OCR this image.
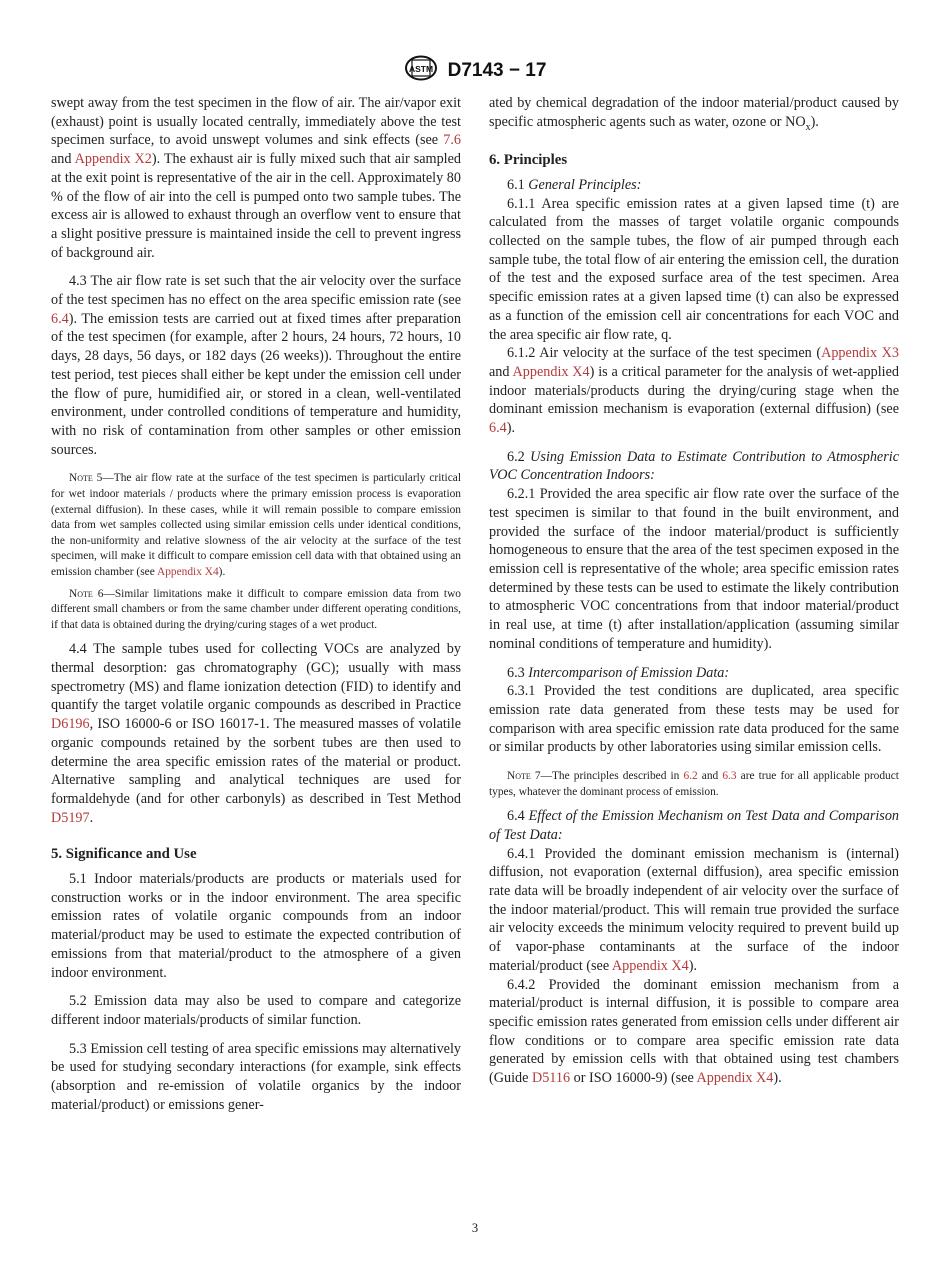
ASTM D7143 − 17

swept away from the test specimen in the flow of air. The air/vapor exit (exhaust) point is usually located centrally, immediately above the test specimen surface, to avoid unswept volumes and sink effects (see 7.6 and Appendix X2). The exhaust air is fully mixed such that air sampled at the exit point is representative of the air in the cell. Approximately 80 % of the flow of air into the cell is pumped onto two sample tubes. The excess air is allowed to exhaust through an overflow vent to ensure that a slight positive pressure is maintained inside the cell to prevent ingress of background air.

4.3 The air flow rate is set such that the air velocity over the surface of the test specimen has no effect on the area specific emission rate (see 6.4). The emission tests are carried out at fixed times after preparation of the test specimen (for example, after 2 hours, 24 hours, 72 hours, 10 days, 28 days, 56 days, or 182 days (26 weeks)). Throughout the entire test period, test pieces shall either be kept under the emission cell under the flow of pure, humidified air, or stored in a clean, well-ventilated environment, under controlled conditions of temperature and humidity, with no risk of contamination from other samples or other emission sources.

Note 5—The air flow rate at the surface of the test specimen is particularly critical for wet indoor materials / products where the primary emission process is evaporation (external diffusion). In these cases, while it will remain possible to compare emission data from wet samples collected using similar emission cells under identical conditions, the non-uniformity and relative slowness of the air velocity at the surface of the test specimen, will make it difficult to compare emission cell data with that obtained using an emission chamber (see Appendix X4).

Note 6—Similar limitations make it difficult to compare emission data from two different small chambers or from the same chamber under different operating conditions, if that data is obtained during the drying/curing stages of a wet product.

4.4 The sample tubes used for collecting VOCs are analyzed by thermal desorption: gas chromatography (GC); usually with mass spectrometry (MS) and flame ionization detection (FID) to identify and quantify the target volatile organic compounds as described in Practice D6196, ISO 16000-6 or ISO 16017-1. The measured masses of volatile organic compounds retained by the sorbent tubes are then used to determine the area specific emission rates of the material or product. Alternative sampling and analytical techniques are used for formaldehyde (and for other carbonyls) as described in Test Method D5197.

5. Significance and Use

5.1 Indoor materials/products are products or materials used for construction works or in the indoor environment. The area specific emission rates of volatile organic compounds from an indoor material/product may be used to estimate the expected contribution of emissions from that material/product to the atmosphere of a given indoor environment.

5.2 Emission data may also be used to compare and categorize different indoor materials/products of similar function.

5.3 Emission cell testing of area specific emissions may alternatively be used for studying secondary interactions (for example, sink effects (absorption and re-emission of volatile organics by the indoor material/product) or emissions gener-

ated by chemical degradation of the indoor material/product caused by specific atmospheric agents such as water, ozone or $NO_x$).

6. Principles

6.1 General Principles:

6.1.1 Area specific emission rates at a given lapsed time (t) are calculated from the masses of target volatile organic compounds collected on the sample tubes, the flow of air pumped through each sample tube, the total flow of air entering the emission cell, the duration of the test and the exposed surface area of the test specimen. Area specific emission rates at a given lapsed time (t) can also be expressed as a function of the emission cell air concentrations for each VOC and the area specific air flow rate, q.

6.1.2 Air velocity at the surface of the test specimen (Appendix X3 and Appendix X4) is a critical parameter for the analysis of wet-applied indoor materials/products during the drying/curing stage when the dominant emission mechanism is evaporation (external diffusion) (see 6.4).

6.2 Using Emission Data to Estimate Contribution to Atmospheric VOC Concentration Indoors:

6.2.1 Provided the area specific air flow rate over the surface of the test specimen is similar to that found in the built environment, and provided the surface of the indoor material/product is sufficiently homogeneous to ensure that the area of the test specimen exposed in the emission cell is representative of the whole; area specific emission rates determined by these tests can be used to estimate the likely contribution to atmospheric VOC concentrations from that indoor material/product in real use, at time (t) after installation/application (assuming similar nominal conditions of temperature and humidity).

6.3 Intercomparison of Emission Data:

6.3.1 Provided the test conditions are duplicated, area specific emission rate data generated from these tests may be used for comparison with area specific emission rate data produced for the same or similar products by other laboratories using similar emission cells.

Note 7—The principles described in 6.2 and 6.3 are true for all applicable product types, whatever the dominant process of emission.

6.4 Effect of the Emission Mechanism on Test Data and Comparison of Test Data:

6.4.1 Provided the dominant emission mechanism is (internal) diffusion, not evaporation (external diffusion), area specific emission rate data will be broadly independent of air velocity over the surface of the indoor material/product. This will remain true provided the surface air velocity exceeds the minimum velocity required to prevent build up of vapor-phase contaminants at the surface of the indoor material/product (see Appendix X4).

6.4.2 Provided the dominant emission mechanism from a material/product is internal diffusion, it is possible to compare area specific emission rates generated from emission cells under different air flow conditions or to compare area specific emission rate data generated by emission cells with that obtained using test chambers (Guide D5116 or ISO 16000-9) (see Appendix X4).

3
